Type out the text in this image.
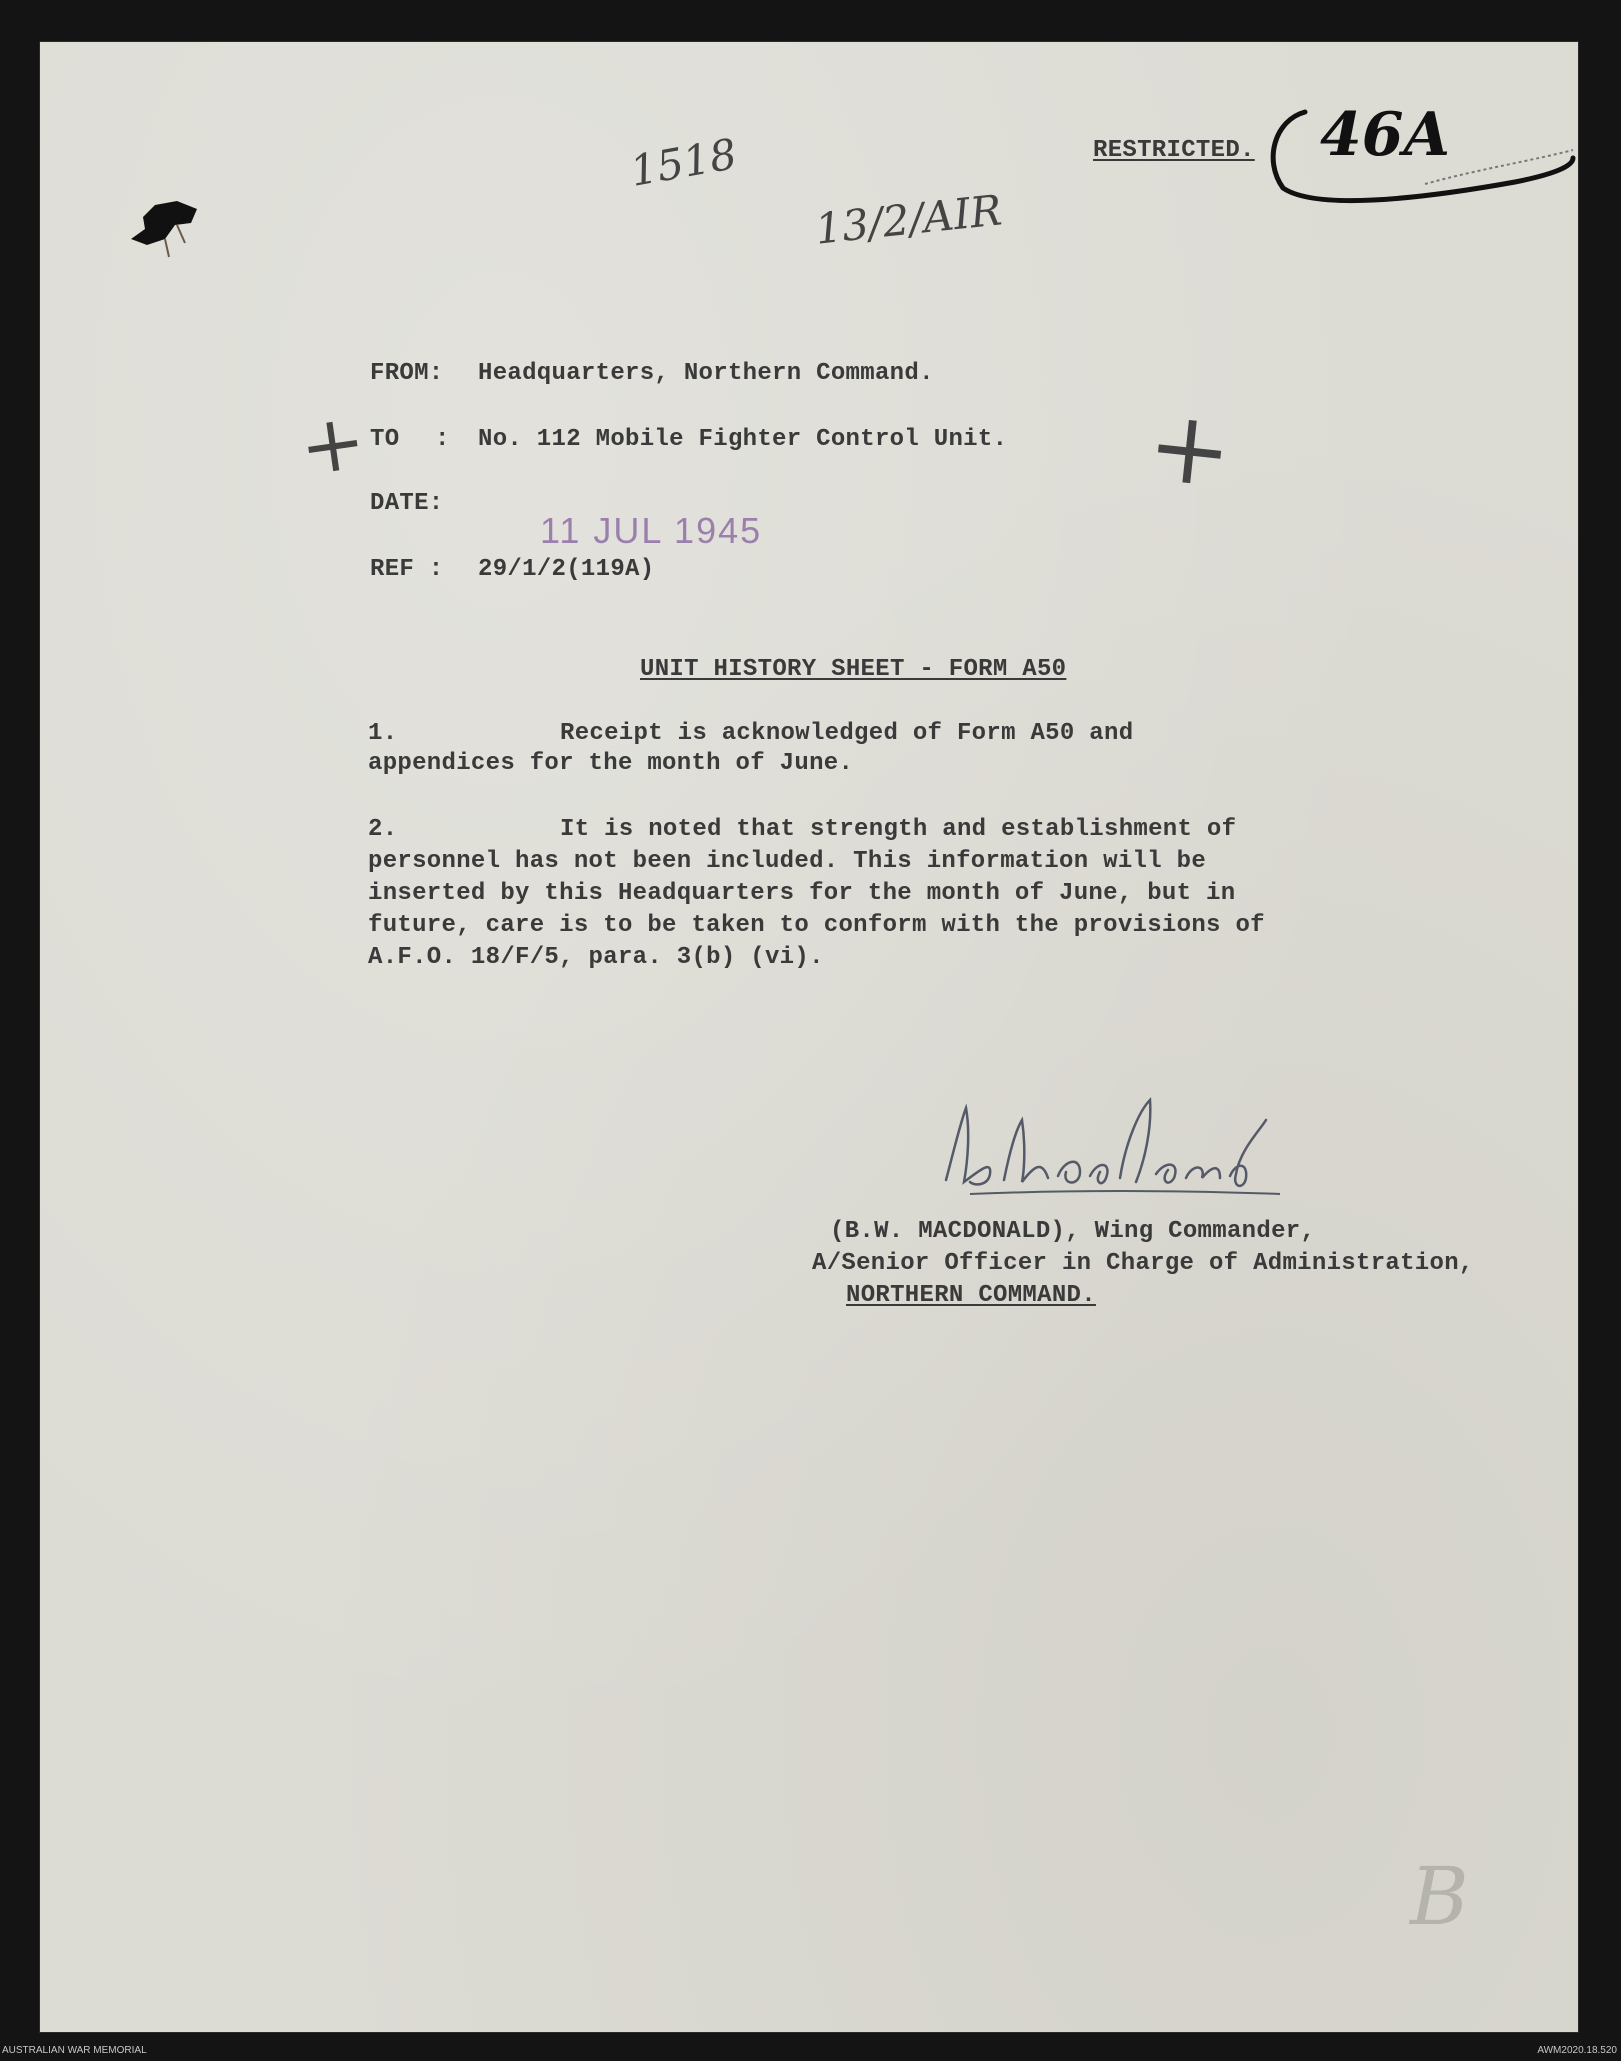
RESTRICTED. 46A
1518
13/2/AIR
FROM: Headquarters, Northern Command.
+
TO : No. 112 Mobile Fighter Control Unit. +
DATE:
11 JUL 1945
REF : 29/1/2(119A)
UNIT HISTORY SHEET - FORM A50
1.	Receipt is acknowledged of Form A50 and
appendices for the month of June.
2.	It is noted that strength and establishment of
personnel has not been included. This information will be
inserted by this Headquarters for the month of June, but in
future, care is to be taken to conform with the provisions of
A.F.O. 18/F/5, para. 3(b) (vi).
(B.W. MACDONALD), Wing Commander,
A/Senior Officer in Charge of Administration,
NORTHERN COMMAND.
B
AUSTRALIAN WAR MEMORIAL	AWM2020.18.520
